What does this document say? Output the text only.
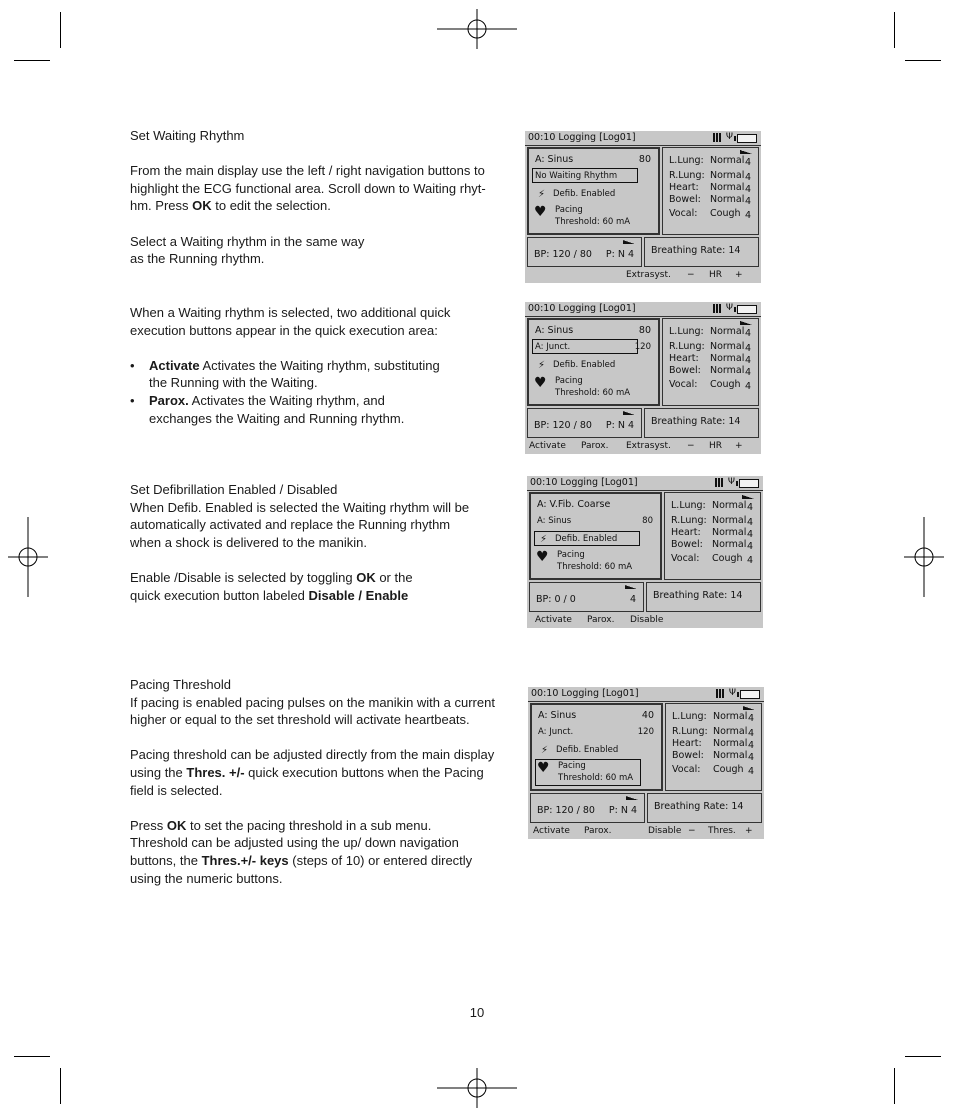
Set Waiting Rhythm

From the main display use the left / right navigation buttons to highlight the ECG functional area. Scroll down to Waiting rhyt-hm. Press OK to edit the selection.

Select a Waiting rhythm in the same way as the Running rhythm.

When a Waiting rhythm is selected, two additional quick execution buttons appear in the quick execution area:

• Activate Activates the Waiting rhythm, substituting the Running with the Waiting.
• Parox. Activates the Waiting rhythm, and exchanges the Waiting and Running rhythm.

Set Defibrillation Enabled / Disabled

When Defib. Enabled is selected the Waiting rhythm will be automatically activated and replace the Running rhythm when a shock is delivered to the manikin.

Enable /Disable is selected by toggling OK or the quick execution button labeled Disable / Enable

Pacing Threshold

If pacing is enabled pacing pulses on the manikin with a current higher or equal to the set threshold will activate heartbeats.

Pacing threshold can be adjusted directly from the main display using the Thres. +/- quick execution buttons when the Pacing field is selected.

Press OK to set the pacing threshold in a sub menu. Threshold can be adjusted using the up/ down navigation buttons, the Thres.+/- keys (steps of 10) or entered directly using the numeric buttons.

10
00:10 Logging [Log01]	Ψ
A: Sinus	80
No Waiting Rhythm
⚡ Defib. Enabled
♥ Pacing
Threshold: 60 mA
L.Lung: Normal 4
R.Lung: Normal 4
Heart: Normal 4
Bowel: Normal 4
Vocal: Cough 4
BP: 120 / 80 P: N 4 Breathing Rate: 14
Extrasyst. − HR +
00:10 Logging [Log01]	Ψ
A: Sinus	80
A: Junct.	120
⚡ Defib. Enabled
♥ Pacing
Threshold: 60 mA
L.Lung: Normal 4
R.Lung: Normal 4
Heart: Normal 4
Bowel: Normal 4
Vocal: Cough 4
BP: 120 / 80 P: N 4 Breathing Rate: 14
Activate Parox. Extrasyst. − HR +
00:10 Logging [Log01]	Ψ
A: V.Fib. Coarse
A: Sinus	80
⚡ Defib. Enabled
♥ Pacing
Threshold: 60 mA
L.Lung: Normal 4
R.Lung: Normal 4
Heart: Normal 4
Bowel: Normal 4
Vocal: Cough 4
BP: 0 / 0	4 Breathing Rate: 14
Activate Parox. Disable
00:10 Logging [Log01]	Ψ
A: Sinus	40
A: Junct.	120
⚡ Defib. Enabled
♥ Pacing
Threshold: 60 mA
L.Lung: Normal 4
R.Lung: Normal 4
Heart: Normal 4
Bowel: Normal 4
Vocal: Cough 4
BP: 120 / 80 P: N 4 Breathing Rate: 14
Activate Parox.	Disable − Thres. +
